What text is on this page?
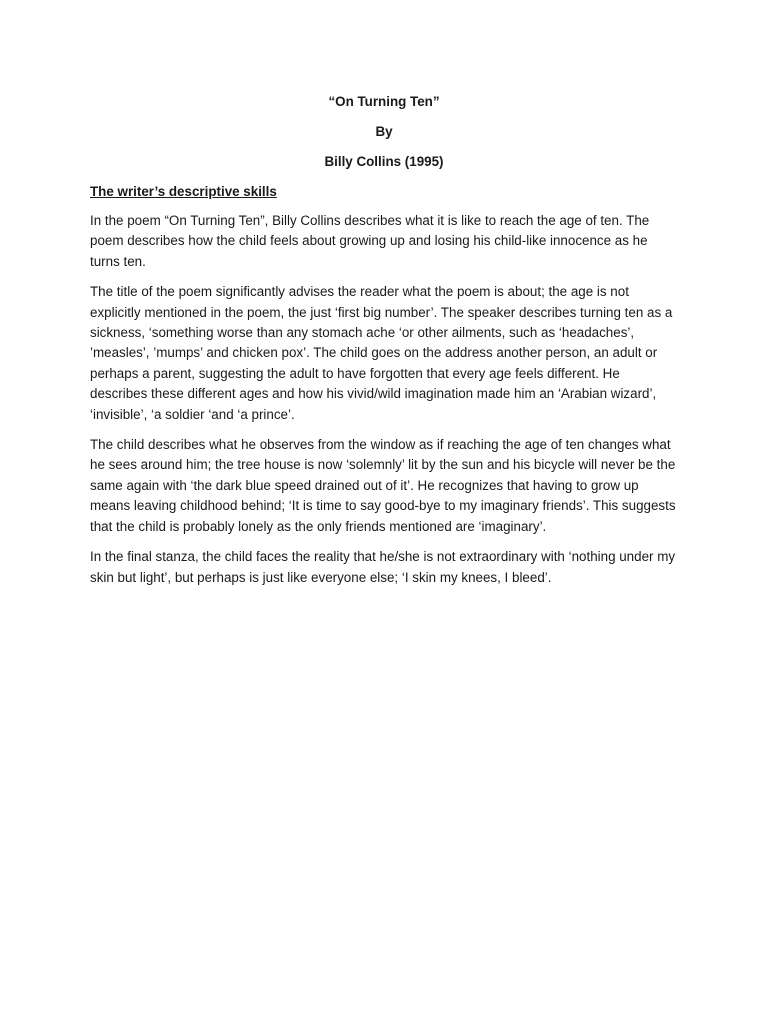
“On Turning Ten”
By
Billy Collins (1995)
The writer’s descriptive skills

In the poem “On Turning Ten”, Billy Collins describes what it is like to reach the age of ten. The poem describes how the child feels about growing up and losing his child-like innocence as he turns ten.

The title of the poem significantly advises the reader what the poem is about; the age is not explicitly mentioned in the poem, the just ‘first big number’. The speaker describes turning ten as a sickness, ‘something worse than any stomach ache ‘or other ailments, such as ‘headaches’, ’measles’, ’mumps’ and chicken pox’. The child goes on the address another person, an adult or perhaps a parent, suggesting the adult to have forgotten that every age feels different. He describes these different ages and how his vivid/wild imagination made him an ‘Arabian wizard’, ‘invisible’, ‘a soldier ‘and ‘a prince’.

The child describes what he observes from the window as if reaching the age of ten changes what he sees around him; the tree house is now ‘solemnly’ lit by the sun and his bicycle will never be the same again with ‘the dark blue speed drained out of it’. He recognizes that having to grow up means leaving childhood behind; ‘It is time to say good-bye to my imaginary friends’. This suggests that the child is probably lonely as the only friends mentioned are ‘imaginary’.

In the final stanza, the child faces the reality that he/she is not extraordinary with ‘nothing under my skin but light’, but perhaps is just like everyone else; ‘I skin my knees, I bleed’.
